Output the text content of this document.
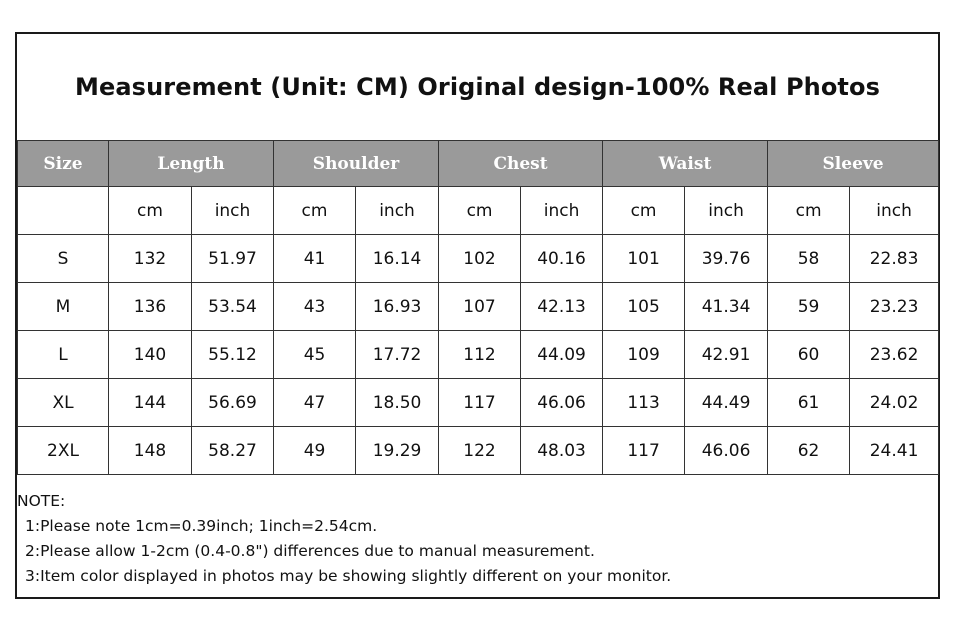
Measurement (Unit: CM) Original design-100% Real Photos
Size	Length		Shoulder		Chest		Waist		Sleeve	
	cm	inch	cm	inch	cm	inch	cm	inch	cm	inch
S	132	51.97	41	16.14	102	40.16	101	39.76	58	22.83
M	136	53.54	43	16.93	107	42.13	105	41.34	59	23.23
L	140	55.12	45	17.72	112	44.09	109	42.91	60	23.62
XL	144	56.69	47	18.50	117	46.06	113	44.49	61	24.02
2XL	148	58.27	49	19.29	122	48.03	117	46.06	62	24.41
NOTE:
1:Please note 1cm=0.39inch; 1inch=2.54cm.
2:Please allow 1-2cm (0.4-0.8") differences due to manual measurement.
3:Item color displayed in photos may be showing slightly different on your monitor.
